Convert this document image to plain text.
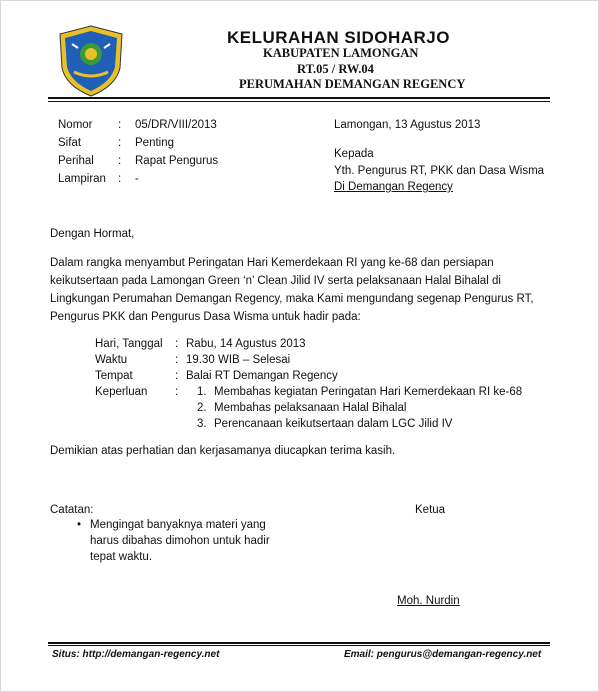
KELURAHAN SIDOHARJO
KABUPATEN LAMONGAN
RT.05 / RW.04
PERUMAHAN DEMANGAN REGENCY
Nomor : 05/DR/VIII/2013
Sifat	: Penting
Perihal : Rapat Pengurus
Lampiran : -
Lamongan, 13 Agustus 2013
Kepada
Yth. Pengurus RT, PKK dan Dasa Wisma
Di Demangan Regency
Dengan Hormat,
Dalam rangka menyambut Peringatan Hari Kemerdekaan RI yang ke-68 dan persiapan
keikutsertaan pada Lamongan Green ‘n’ Clean Jilid IV serta pelaksanaan Halal Bihalal di
Lingkungan Perumahan Demangan Regency, maka Kami mengundang segenap Pengurus RT,
Pengurus PKK dan Pengurus Dasa Wisma untuk hadir pada:
Hari, Tanggal : Rabu, 14 Agustus 2013
Waktu	: 19.30 WIB – Selesai
Tempat	: Balai RT Demangan Regency
Keperluan : 1. Membahas kegiatan Peringatan Hari Kemerdekaan RI ke-68
2. Membahas pelaksanaan Halal Bihalal
3. Perencanaan keikutsertaan dalam LGC Jilid IV
Demikian atas perhatian dan kerjasamanya diucapkan terima kasih.
Catatan:
• Mengingat banyaknya materi yang
harus dibahas dimohon untuk hadir
tepat waktu.
Ketua
Moh. Nurdin
Situs: http://demangan-regency.net	Email: pengurus@demangan-regency.net
